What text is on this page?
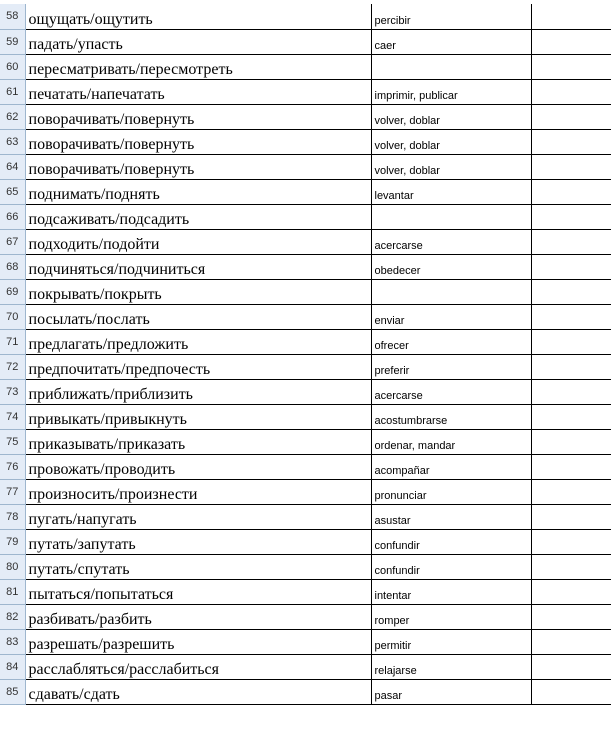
58	ощущать/ощутить	percibir	
59	падать/упасть	caer	
60	пересматривать/пересмотреть		
61	печатать/напечатать	imprimir, publicar	
62	поворачивать/повернуть	volver, doblar	
63	поворачивать/повернуть	volver, doblar	
64	поворачивать/повернуть	volver, doblar	
65	поднимать/поднять	levantar	
66	подсаживать/подсадить		
67	подходить/подойти	acercarse	
68	подчиняться/подчиниться	obedecer	
69	покрывать/покрыть		
70	посылать/послать	enviar	
71	предлагать/предложить	ofrecer	
72	предпочитать/предпочесть	preferir	
73	приближать/приблизить	acercarse	
74	привыкать/привыкнуть	acostumbrarse	
75	приказывать/приказать	ordenar, mandar	
76	провожать/проводить	acompañar	
77	произносить/произнести	pronunciar	
78	пугать/напугать	asustar	
79	путать/запутать	confundir	
80	путать/спутать	confundir	
81	пытаться/попытаться	intentar	
82	разбивать/разбить	romper	
83	разрешать/разрешить	permitir	
84	расслабляться/расслабиться	relajarse	
85	сдавать/сдать	pasar	
